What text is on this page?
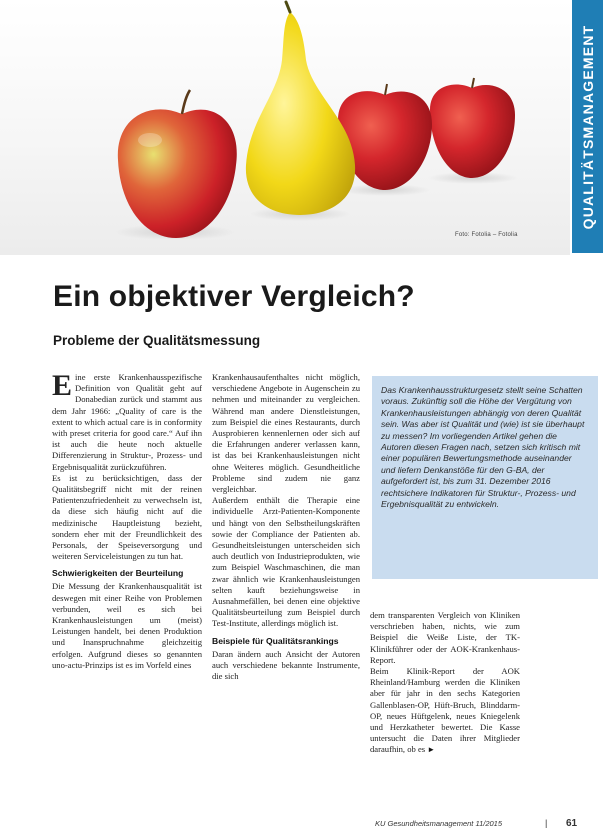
Foto: Fotolia – Fotolia
QUALITÄTSMANAGEMENT
Ein objektiver Vergleich?
Probleme der Qualitätsmessung

Eine erste Krankenhausspezifische Definition von Qualität geht auf Donabedian zurück und stammt aus dem Jahr 1966: „Quality of care is the extent to which actual care is in conformity with preset criteria for good care.“ Auf ihn ist auch die heute noch aktuelle Differenzierung in Struktur-, Prozess- und Ergebnisqualität zurückzuführen.

Es ist zu berücksichtigen, dass der Qualitätsbegriff nicht mit der reinen Patientenzufriedenheit zu verwechseln ist, da diese sich häufig nicht auf die medizinische Hauptleistung bezieht, sondern eher mit der Freundlichkeit des Personals, der Speiseversorgung und weiteren Serviceleistungen zu tun hat.

Schwierigkeiten der Beurteilung

Die Messung der Krankenhausqualität ist deswegen mit einer Reihe von Problemen verbunden, weil es sich bei Krankenhausleistungen um (meist) Leistungen handelt, bei denen Produktion und Inanspruchnahme gleichzeitig erfolgen. Aufgrund dieses so genannten uno-actu-Prinzips ist es im Vorfeld eines

Krankenhausaufenthaltes nicht möglich, verschiedene Angebote in Augenschein zu nehmen und miteinander zu vergleichen. Während man andere Dienstleistungen, zum Beispiel die eines Restaurants, durch Ausprobieren kennenlernen oder sich auf die Erfahrungen anderer verlassen kann, ist das bei Krankenhausleistungen nicht ohne Weiteres möglich. Gesundheitliche Probleme sind zudem nie ganz vergleichbar.

Außerdem enthält die Therapie eine individuelle Arzt-Patienten-Komponente und hängt von den Selbstheilungskräften sowie der Compliance der Patienten ab. Gesundheitsleistungen unterscheiden sich auch deutlich von Industrieprodukten, wie zum Beispiel Waschmaschinen, die man zwar ähnlich wie Krankenhausleistungen selten kauft beziehungsweise in Ausnahmefällen, bei denen eine objektive Qualitätsbeurteilung zum Beispiel durch Test-Institute, allerdings möglich ist.

Beispiele für Qualitätsrankings

Daran ändern auch Ansicht der Autoren auch verschiedene bekannte Instrumente, die sich

Das Krankenhausstrukturgesetz stellt seine Schatten voraus. Zukünftig soll die Höhe der Vergütung von Krankenhausleistungen abhängig von deren Qualität sein. Was aber ist Qualität und (wie) ist sie überhaupt zu messen? Im vorliegenden Artikel gehen die Autoren diesen Fragen nach, setzen sich kritisch mit einer populären Bewertungsmethode auseinander und liefern Denkanstöße für den G-BA, der aufgefordert ist, bis zum 31. Dezember 2016 rechtsichere Indikatoren für Struktur-, Prozess- und Ergebnisqualität zu entwickeln.

dem transparenten Vergleich von Kliniken verschrieben haben, nichts, wie zum Beispiel die Weiße Liste, der TK-Klinikführer oder der AOK-Krankenhaus-Report.

Beim Klinik-Report der AOK Rheinland/Hamburg werden die Kliniken aber für jahr in den sechs Kategorien Gallenblasen-OP, Hüft-Bruch, Blinddarm-OP, neues Hüftgelenk, neues Kniegelenk und Herzkatheter bewertet. Die Kasse untersucht die Daten ihrer Mitglieder daraufhin, ob es ►

KU Gesundheitsmanagement 11/2015	| 61
